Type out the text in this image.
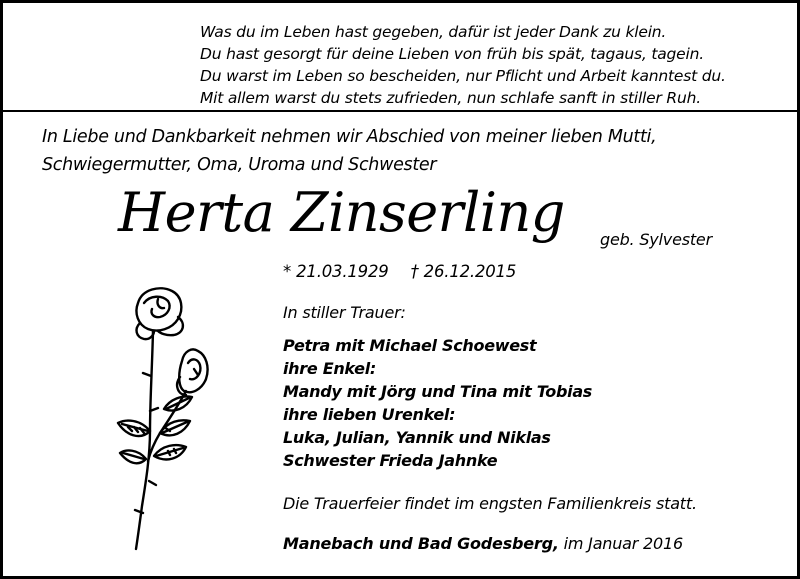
Was du im Leben hast gegeben, dafür ist jeder Dank zu klein.
Du hast gesorgt für deine Lieben von früh bis spät, tagaus, tagein.
Du warst im Leben so bescheiden, nur Pflicht und Arbeit kanntest du.
Mit allem warst du stets zufrieden, nun schlafe sanft in stiller Ruh.
In Liebe und Dankbarkeit nehmen wir Abschied von meiner lieben Mutti, Schwiegermutter, Oma, Uroma und Schwester
Herta Zinserling geb. Sylvester
* 21.03.1929 † 26.12.2015
In stiller Trauer:
Petra mit Michael Schoewest
ihre Enkel:
Mandy mit Jörg und Tina mit Tobias
ihre lieben Urenkel:
Luka, Julian, Yannik und Niklas
Schwester Frieda Jahnke
Die Trauerfeier findet im engsten Familienkreis statt.
Manebach und Bad Godesberg, im Januar 2016
